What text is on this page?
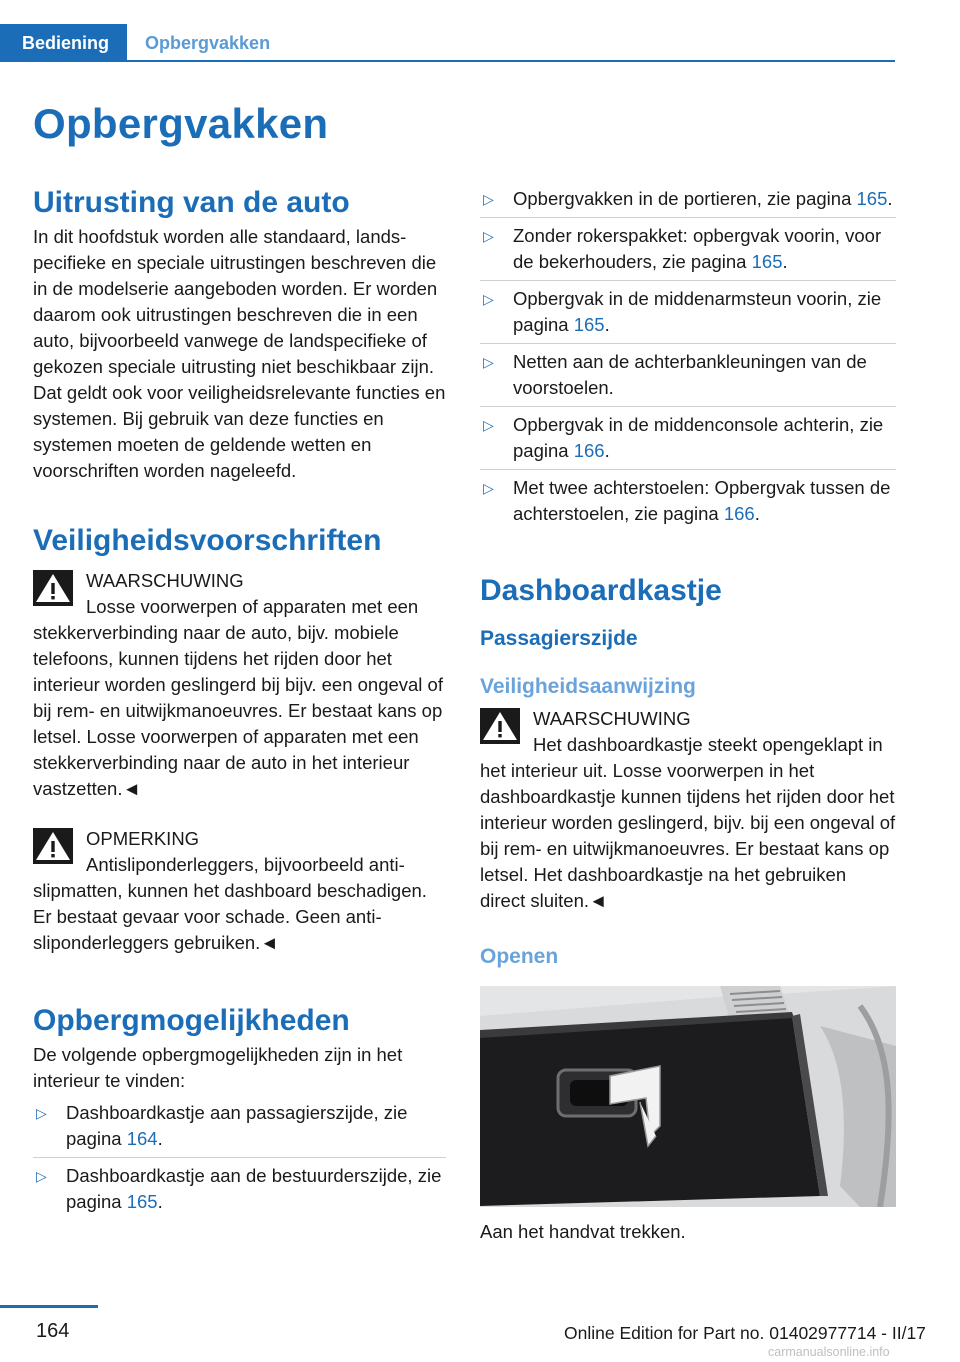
Bediening	Opbergvakken
Opbergvakken
Uitrusting van de auto

In dit hoofdstuk worden alle standaard, landspecifieke en speciale uitrustingen beschreven die in de modelserie aangeboden worden. Er worden daarom ook uitrustingen beschreven die in een auto, bijvoorbeeld vanwege de landspecifieke of gekozen speciale uitrusting niet beschikbaar zijn. Dat geldt ook voor veiligheidsrelevante functies en systemen. Bij gebruik van deze functies en systemen moeten de geldende wetten en voorschriften worden nageleefd.

Veiligheidsvoorschriften
WAARSCHUWING

Losse voorwerpen of apparaten met een stekkerverbinding naar de auto, bijv. mobiele telefoons, kunnen tijdens het rijden door het interieur worden geslingerd bij bijv. een ongeval of bij rem- en uitwijkmanoeuvres. Er bestaat kans op letsel. Losse voorwerpen of apparaten met een stekkerverbinding naar de auto in het interieur vastzetten.◄

OPMERKING

Antisliponderleggers, bijvoorbeeld antislipmatten, kunnen het dashboard beschadigen. Er bestaat gevaar voor schade. Geen antisliponderleggers gebruiken.◄

Opbergmogelijkheden

De volgende opbergmogelijkheden zijn in het interieur te vinden:

▷ Dashboardkastje aan passagierszijde, zie pagina 164.
▷ Dashboardkastje aan de bestuurderszijde, zie pagina 165.
▷ Opbergvakken in de portieren, zie pagina 165.
▷ Zonder rokerspakket: opbergvak voorin, voor de bekerhouders, zie pagina 165.
▷ Opbergvak in de middenarmsteun voorin, zie pagina 165.
▷ Netten aan de achterbankleuningen van de voorstoelen.
▷ Opbergvak in de middenconsole achterin, zie pagina 166.
▷ Met twee achterstoelen: Opbergvak tussen de achterstoelen, zie pagina 166.
Dashboardkastje
Passagierszijde
Veiligheidsaanwijzing
WAARSCHUWING

Het dashboardkastje steekt opengeklapt in het interieur uit. Losse voorwerpen in het dashboardkastje kunnen tijdens het rijden door het interieur worden geslingerd, bijv. bij een ongeval of bij rem- en uitwijkmanoeuvres. Er bestaat kans op letsel. Het dashboardkastje na het gebruiken direct sluiten.◄

Openen

Aan het handvat trekken.

164	Online Edition for Part no. 01402977714 - II/17
carmanualsonline.info
